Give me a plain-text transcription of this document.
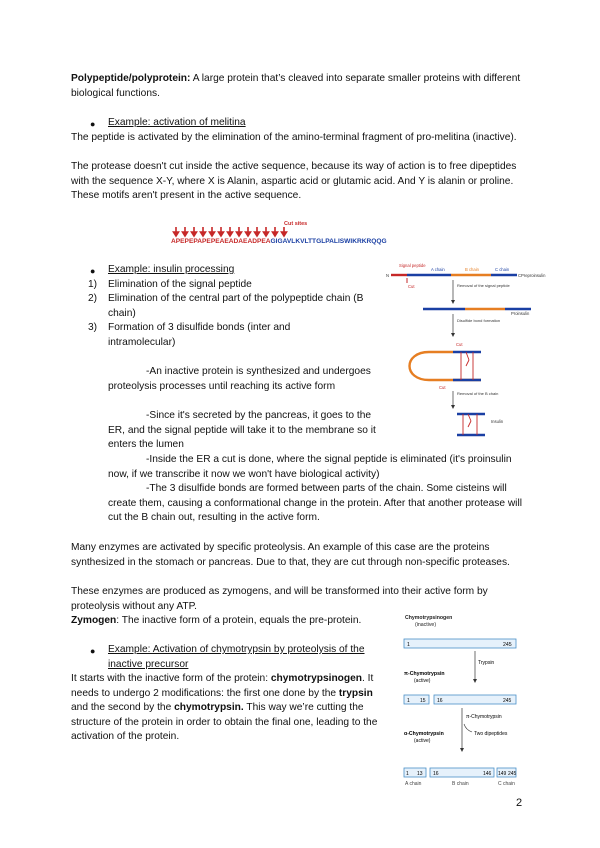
Polypeptide/polyprotein: A large protein that’s cleaved into separate smaller proteins with different biological functions.

● Example: activation of melitina

The peptide is activated by the elimination of the amino-terminal fragment of pro-melitina (inactive).

The protease doesn't cut inside the active sequence, because its way of action is to free dipeptides with the sequence X-Y, where X is Alanin, aspartic acid or glutamic acid. And Y is alanin or proline. These motifs aren't present in the active sequence.

Cut sites
APEPEPAPEPEAEADAEADPEAGIGAVLKVLTTGLPALISWIKRKRQQG
● Example: insulin processing

1)	Elimination of the signal peptide

2)	Elimination of the central part of the polypeptide chain (B chain)

3)	Formation of 3 disulfide bonds (inter and intramolecular)

-An inactive protein is synthesized and undergoes proteolysis processes until reaching its active form

-Since it's secreted by the pancreas, it goes to the ER, and the signal peptide will take it to the membrane so it enters the lumen

-Inside the ER a cut is done, where the signal peptide is eliminated (it's proinsulin now, if we transcribe it now we won't have biological activity)

-The 3 disulfide bonds are formed between parts of the chain. Some cisteins will create them, causing a conformational change in the protein. After that another protease will cut the B chain out, resulting in the active form.

Signal peptide
A chain	B chain	C chain
N	C Preproinsulin
Cut	Removal of the signal peptide
Proinsulin
Disulfide bond formation
Cut
Cut
Removal of the B chain
Insulin

Many enzymes are activated by specific proteolysis. An example of this case are the proteins synthesized in the stomach or pancreas. Due to that, they are cut through non-specific proteases.

These enzymes are produced as zymogens, and will be transformed into their active form by proteolysis without any ATP.

Zymogen: The inactive form of a protein, equals the pre-protein.

● Example: Activation of chymotrypsin by proteolysis of the inactive precursor

It starts with the inactive form of the protein: chymotrypsinogen. It needs to undergo 2 modifications: the first one done by the trypsin and the second by the chymotrypsin. This way we’re cutting the structure of the protein in order to obtain the final one, leading to the activation of the protein.

Chymotrypsinogen
(inactive)
1	245
Trypsin
π-Chymotrypsin
(active)
1 15 16	245
π-Chymotrypsin
Two dipeptides
α-Chymotrypsin
(active)
1 13 16	146 149 245
A chain	B chain	C chain
2
